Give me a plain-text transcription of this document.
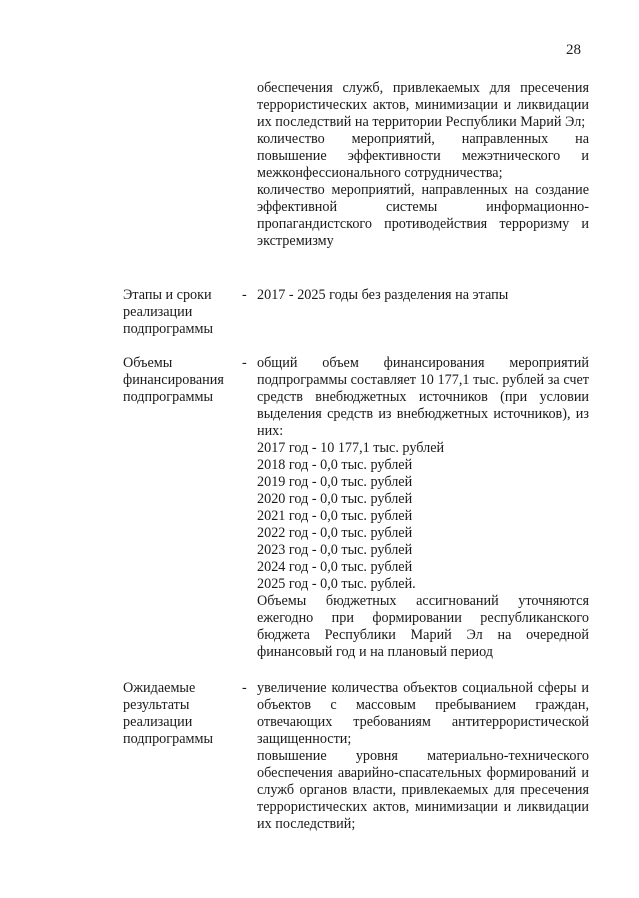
28

обеспечения служб, привлекаемых для пресечения террористических актов, минимизации и ликвидации их последствий на территории Республики Марий Эл;

количество мероприятий, направленных на повышение эффективности межэтнического и межконфессионального сотрудничества;

количество мероприятий, направленных на создание эффективной системы информационно-пропагандистского противодействия терроризму и экстремизму

Этапы и сроки реализации подпрограммы
- 2017 - 2025 годы без разделения на этапы

Объемы финансирования подпрограммы
- общий объем финансирования мероприятий подпрограммы составляет 10 177,1 тыс. рублей за счет средств внебюджетных источников (при условии выделения средств из внебюджетных источников), из них:

2017 год - 10 177,1 тыс. рублей

2018 год - 0,0 тыс. рублей

2019 год - 0,0 тыс. рублей

2020 год - 0,0 тыс. рублей

2021 год - 0,0 тыс. рублей

2022 год - 0,0 тыс. рублей

2023 год - 0,0 тыс. рублей

2024 год - 0,0 тыс. рублей

2025 год - 0,0 тыс. рублей.

Объемы бюджетных ассигнований уточняются ежегодно при формировании республиканского бюджета Республики Марий Эл на очередной финансовый год и на плановый период

Ожидаемые результаты реализации подпрограммы
- увеличение количества объектов социальной сферы и объектов с массовым пребыванием граждан, отвечающих требованиям антитеррористической защищенности;

повышение уровня материально-технического обеспечения аварийно-спасательных формирований и служб органов власти, привлекаемых для пресечения террористических актов, минимизации и ликвидации их последствий;
